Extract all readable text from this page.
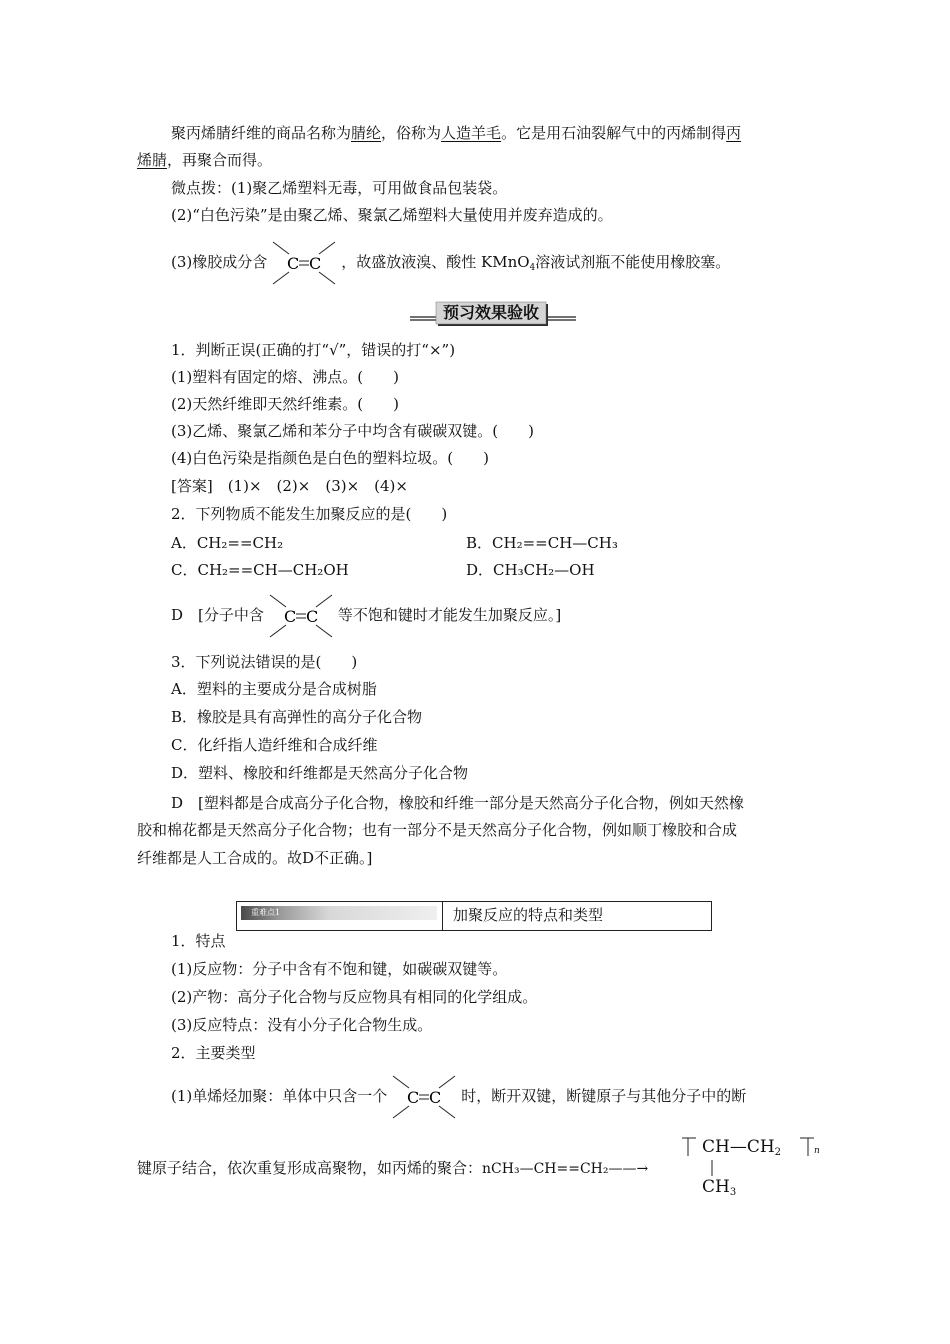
聚丙烯腈纤维的商品名称为腈纶，俗称为人造羊毛。它是用石油裂解气中的丙烯制得丙
烯腈，再聚合而得。
微点拨：(1)聚乙烯塑料无毒，可用做食品包装袋。
(2)“白色污染”是由聚乙烯、聚氯乙烯塑料大量使用并废弃造成的。
(3)橡胶成分含 C C ，故盛放液溴、酸性 KMnO$_4$溶液试剂瓶不能使用橡胶塞。
预习效果验收
1．判断正误(正确的打“√”，错误的打“×”)
(1)塑料有固定的熔、沸点。(　　)
(2)天然纤维即天然纤维素。(　　)
(3)乙烯、聚氯乙烯和苯分子中均含有碳碳双键。(　　)
(4)白色污染是指颜色是白色的塑料垃圾。(　　)
[答案]　(1)×　(2)×　(3)×　(4)×
2．下列物质不能发生加聚反应的是(　　)
A．CH₂==CH₂	B．CH₂==CH—CH₃
C．CH₂==CH—CH₂OH	D．CH₃CH₂—OH
D　[分子中含 C C 等不饱和键时才能发生加聚反应。]
3．下列说法错误的是(　　)
A．塑料的主要成分是合成树脂
B．橡胶是具有高弹性的高分子化合物
C．化纤指人造纤维和合成纤维
D．塑料、橡胶和纤维都是天然高分子化合物
D　[塑料都是合成高分子化合物，橡胶和纤维一部分是天然高分子化合物，例如天然橡
胶和棉花都是天然高分子化合物；也有一部分不是天然高分子化合物，例如顺丁橡胶和合成
纤维都是人工合成的。故D不正确。]
重难点1	加聚反应的特点和类型
1．特点
(1)反应物：分子中含有不饱和键，如碳碳双键等。
(2)产物：高分子化合物与反应物具有相同的化学组成。
(3)反应特点：没有小分子化合物生成。
2．主要类型
(1)单烯烃加聚：单体中只含一个 C C 时，断开双键，断键原子与其他分子中的断
键原子结合，依次重复形成高聚物，如丙烯的聚合：nCH₃—CH==CH₂——→
$CH—CH_2$	n
$CH_3$
